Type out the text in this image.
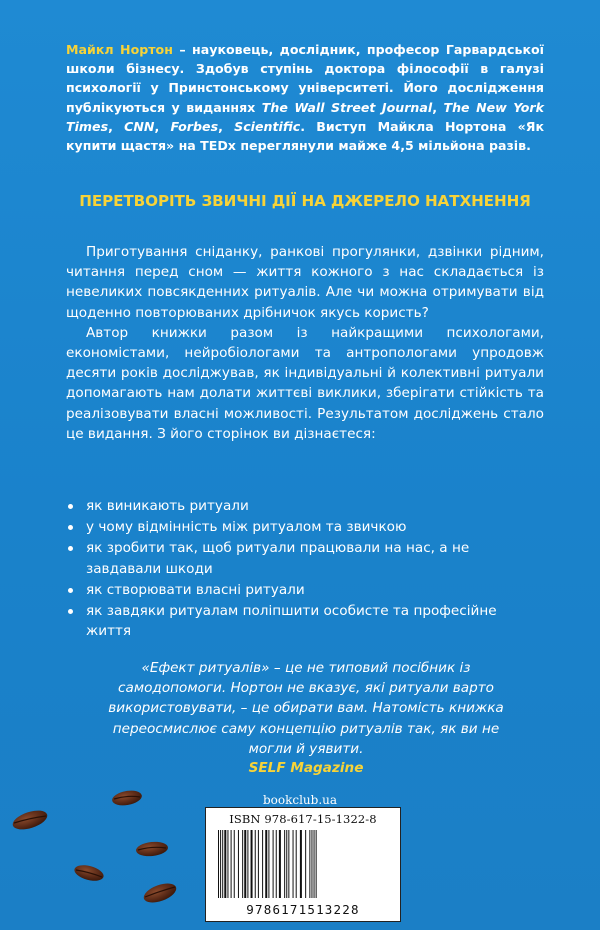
Майкл Нортон – науковець, дослідник, професор Гарвардської школи бізнесу. Здобув ступінь доктора філософії в галузі психології у Принстонському університеті. Його дослідження публікуються у виданнях The Wall Street Journal, The New York Times, CNN, Forbes, Scientific. Виступ Майкла Нортона «Як купити щастя» на TEDx переглянули майже 4,5 мільйона разів.

ПЕРЕТВОРІТЬ ЗВИЧНІ ДІЇ НА ДЖЕРЕЛО НАТХНЕННЯ

Приготування сніданку, ранкові прогулянки, дзвінки рідним, читання перед сном — життя кожного з нас складається із невеликих повсякденних ритуалів. Але чи можна отримувати від щоденно повторюваних дрібничок якусь користь?

Автор книжки разом із найкращими психологами, економістами, нейробіологами та антропологами упродовж десяти років досліджував, як індивідуальні й колективні ритуали допомагають нам долати життєві виклики, зберігати стійкість та реалізовувати власні можливості. Результатом досліджень стало це видання. З його сторінок ви дізнаєтеся:

як виникають ритуали
у чому відмінність між ритуалом та звичкою
як зробити так, щоб ритуали працювали на нас, а не завдавали шкоди
як створювати власні ритуали
як завдяки ритуалам поліпшити особисте та професійне життя

«Ефект ритуалів» – це не типовий посібник із самодопомоги. Нортон не вказує, які ритуали варто використовувати, – це обирати вам. Натомість книжка переосмислює саму концепцію ритуалів так, як ви не могли й уявити.

SELF Magazine

bookclub.ua

ISBN 978-617-15-1322-8

9786171513228
